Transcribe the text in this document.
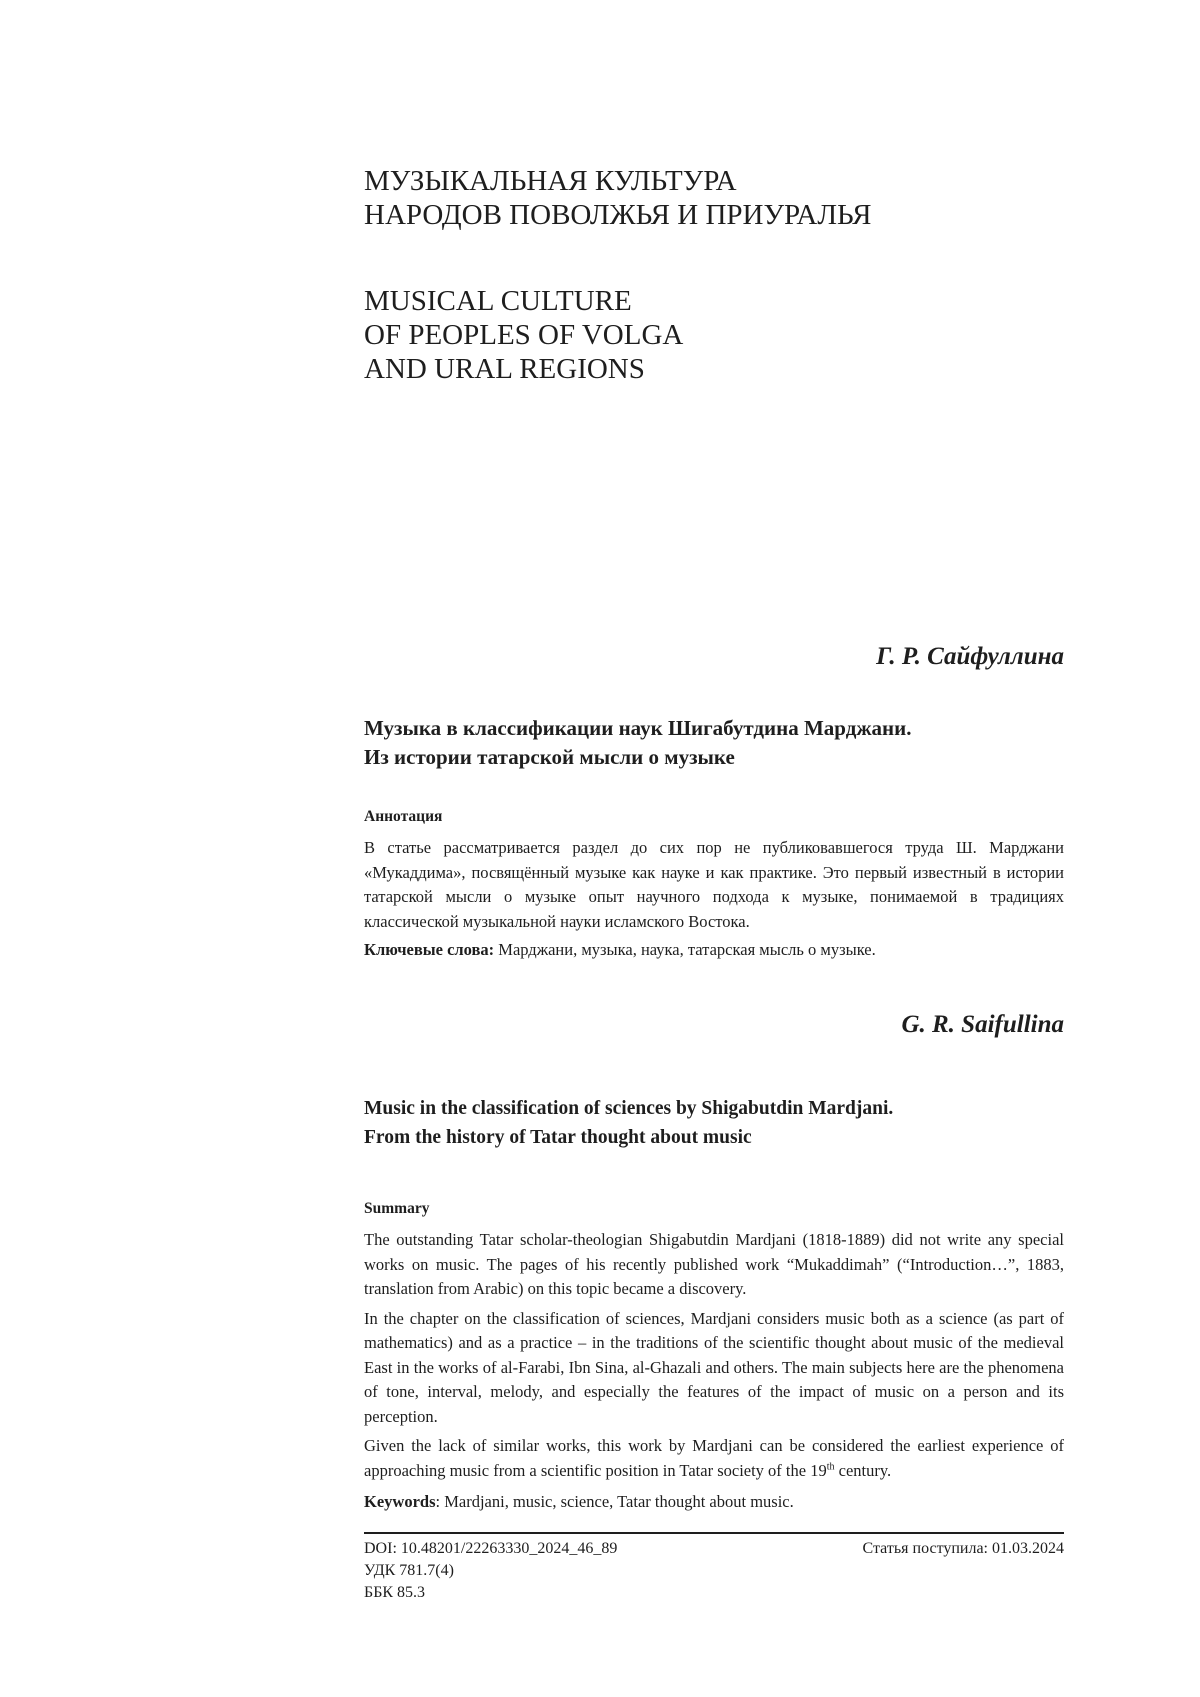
МУЗЫКАЛЬНАЯ КУЛЬТУРА
НАРОДОВ ПОВОЛЖЬЯ И ПРИУРАЛЬЯ
MUSICAL CULTURE
OF PEOPLES OF VOLGA
AND URAL REGIONS
Г. Р. Сайфуллина
Музыка в классификации наук Шигабутдина Марджани.
Из истории татарской мысли о музыке
Аннотация

В статье рассматривается раздел до сих пор не публиковавшегося труда Ш. Марджани «Мукаддима», посвящённый музыке как науке и как практике. Это первый известный в истории татарской мысли о музыке опыт научного подхода к музыке, понимаемой в традициях классической музыкальной науки исламского Востока.

Ключевые слова: Марджани, музыка, наука, татарская мысль о музыке.
G. R. Saifullina
Music in the classification of sciences by Shigabutdin Mardjani.
From the history of Tatar thought about music
Summary

The outstanding Tatar scholar-theologian Shigabutdin Mardjani (1818-1889) did not write any special works on music. The pages of his recently published work “Mukaddimah” (“Introduction…”, 1883, translation from Arabic) on this topic became a discovery.

In the chapter on the classification of sciences, Mardjani considers music both as a science (as part of mathematics) and as a practice – in the traditions of the scientific thought about music of the medieval East in the works of al-Farabi, Ibn Sina, al-Ghazali and others. The main subjects here are the phenomena of tone, interval, melody, and especially the features of the impact of music on a person and its perception.

Given the lack of similar works, this work by Mardjani can be considered the earliest experience of approaching music from a scientific position in Tatar society of the 19th century.

Keywords: Mardjani, music, science, Tatar thought about music.
DOI: 10.48201/22263330_2024_46_89	Статья поступила: 01.03.2024
УДК 781.7(4)
ББК 85.3
